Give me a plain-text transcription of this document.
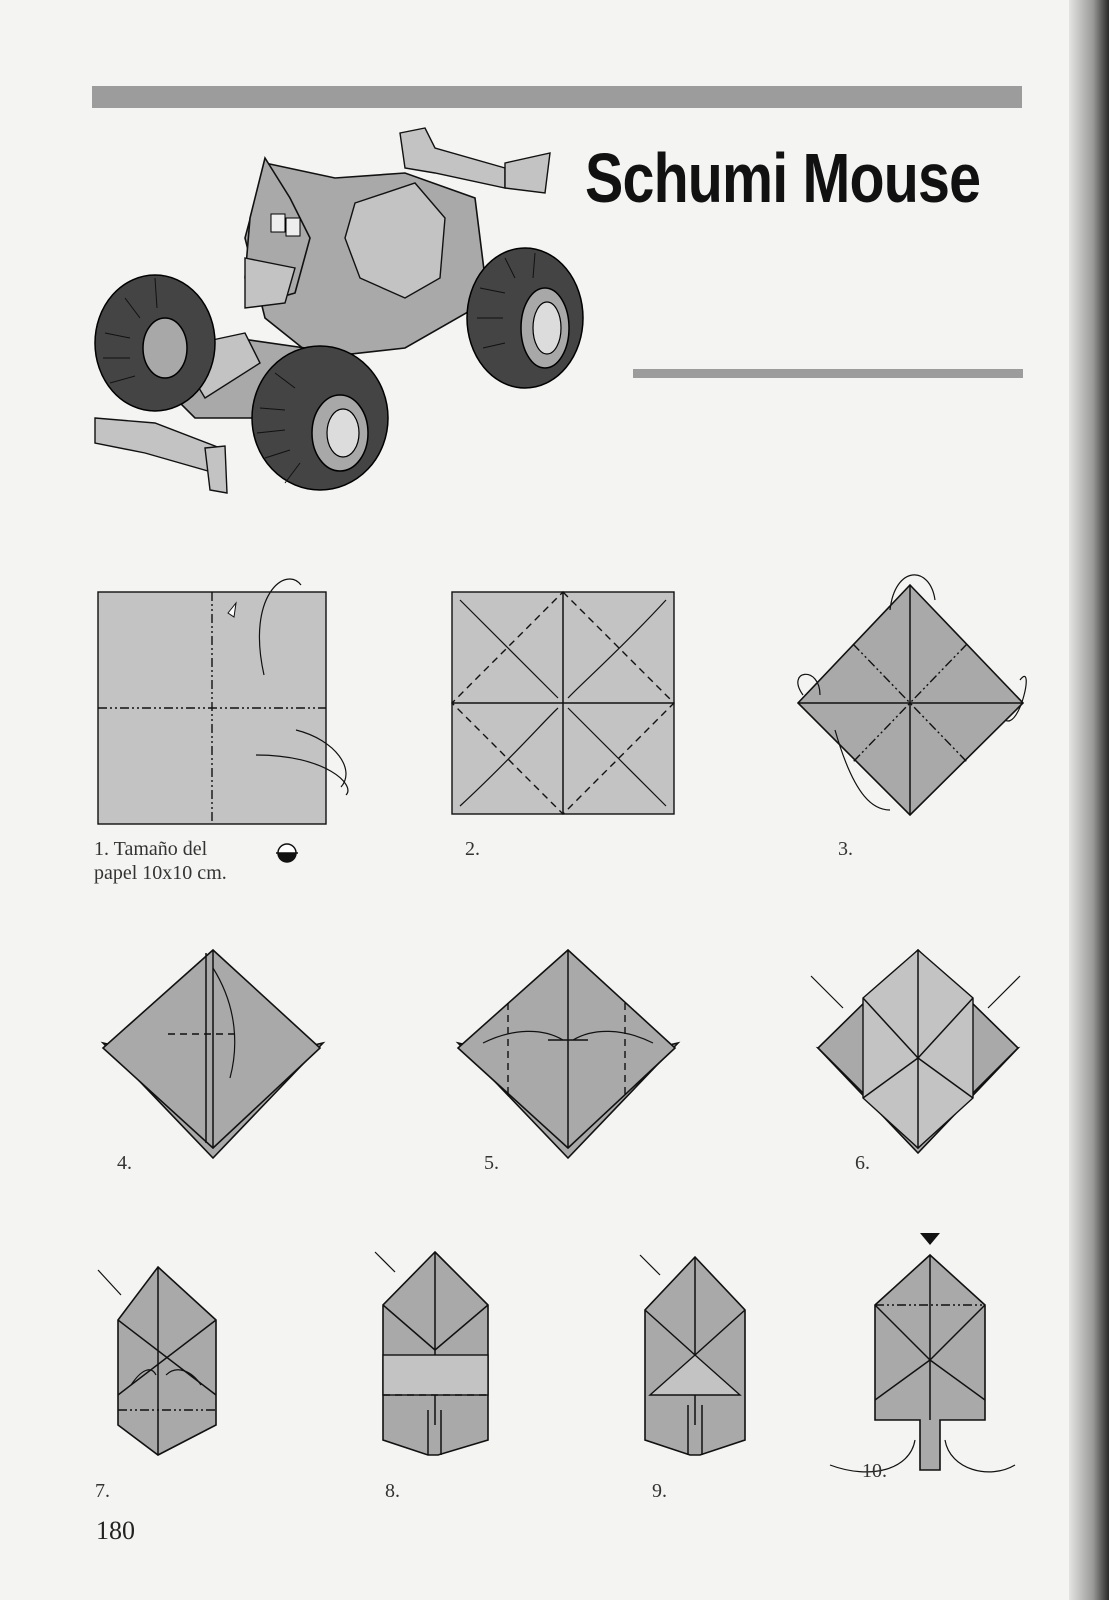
Schumi Mouse
1. Tamaño del
papel 10x10 cm.
2.	3.
4.	5.	6.
7.	8.	9.
10.
180
